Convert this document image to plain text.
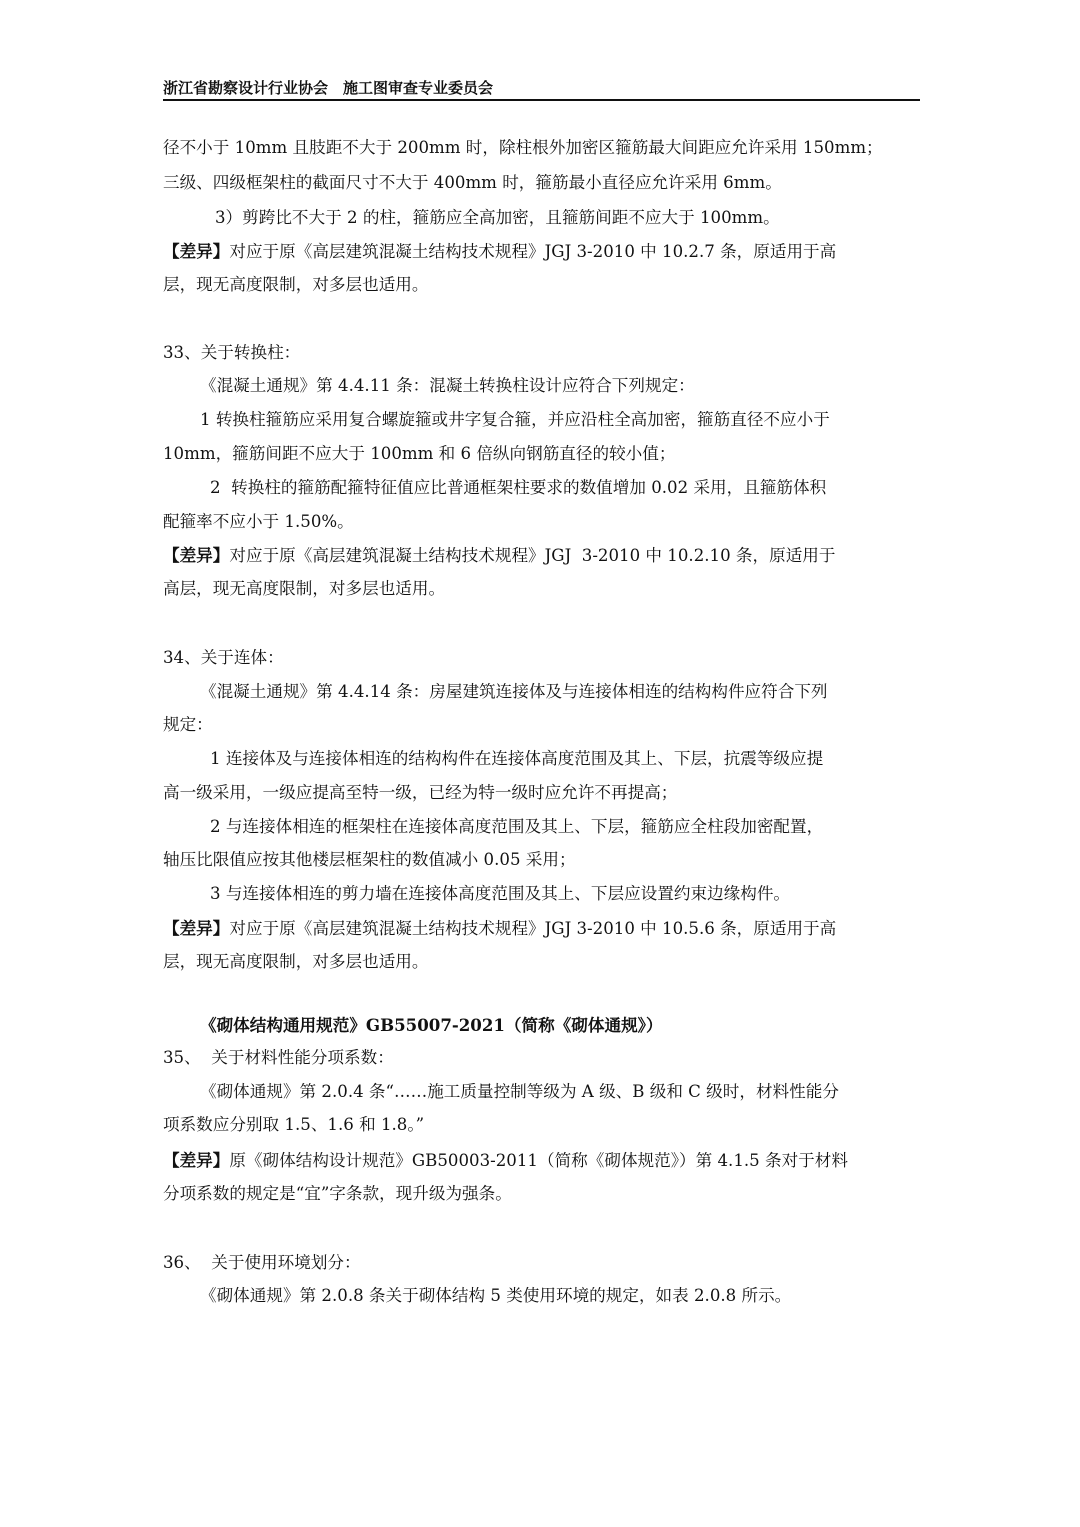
浙江省勘察设计行业协会　施工图审查专业委员会
径不小于 10mm 且肢距不大于 200mm 时，除柱根外加密区箍筋最大间距应允许采用 150mm；
三级、四级框架柱的截面尺寸不大于 400mm 时，箍筋最小直径应允许采用 6mm。
3）剪跨比不大于 2 的柱，箍筋应全高加密，且箍筋间距不应大于 100mm。
【差异】对应于原《高层建筑混凝土结构技术规程》JGJ 3-2010 中 10.2.7 条，原适用于高
层，现无高度限制，对多层也适用。
33、关于转换柱：
《混凝土通规》第 4.4.11 条：混凝土转换柱设计应符合下列规定：
1 转换柱箍筋应采用复合螺旋箍或井字复合箍，并应沿柱全高加密，箍筋直径不应小于
10mm，箍筋间距不应大于 100mm 和 6 倍纵向钢筋直径的较小值；
2  转换柱的箍筋配箍特征值应比普通框架柱要求的数值增加 0.02 采用，且箍筋体积
配箍率不应小于 1.50%。
【差异】对应于原《高层建筑混凝土结构技术规程》JGJ  3-2010 中 10.2.10 条，原适用于
高层，现无高度限制，对多层也适用。
34、关于连体：
《混凝土通规》第 4.4.14 条：房屋建筑连接体及与连接体相连的结构构件应符合下列
规定：
1 连接体及与连接体相连的结构构件在连接体高度范围及其上、下层，抗震等级应提
高一级采用，一级应提高至特一级，已经为特一级时应允许不再提高；
2 与连接体相连的框架柱在连接体高度范围及其上、下层，箍筋应全柱段加密配置，
轴压比限值应按其他楼层框架柱的数值减小 0.05 采用；
3 与连接体相连的剪力墙在连接体高度范围及其上、下层应设置约束边缘构件。
【差异】对应于原《高层建筑混凝土结构技术规程》JGJ 3-2010 中 10.5.6 条，原适用于高
层，现无高度限制，对多层也适用。
《砌体结构通用规范》GB55007-2021（简称《砌体通规》）
35、  关于材料性能分项系数：
《砌体通规》第 2.0.4 条“……施工质量控制等级为 A 级、B 级和 C 级时，材料性能分
项系数应分别取 1.5、1.6 和 1.8。”
【差异】原《砌体结构设计规范》GB50003-2011（简称《砌体规范》）第 4.1.5 条对于材料
分项系数的规定是“宜”字条款，现升级为强条。
36、  关于使用环境划分：
《砌体通规》第 2.0.8 条关于砌体结构 5 类使用环境的规定，如表 2.0.8 所示。
